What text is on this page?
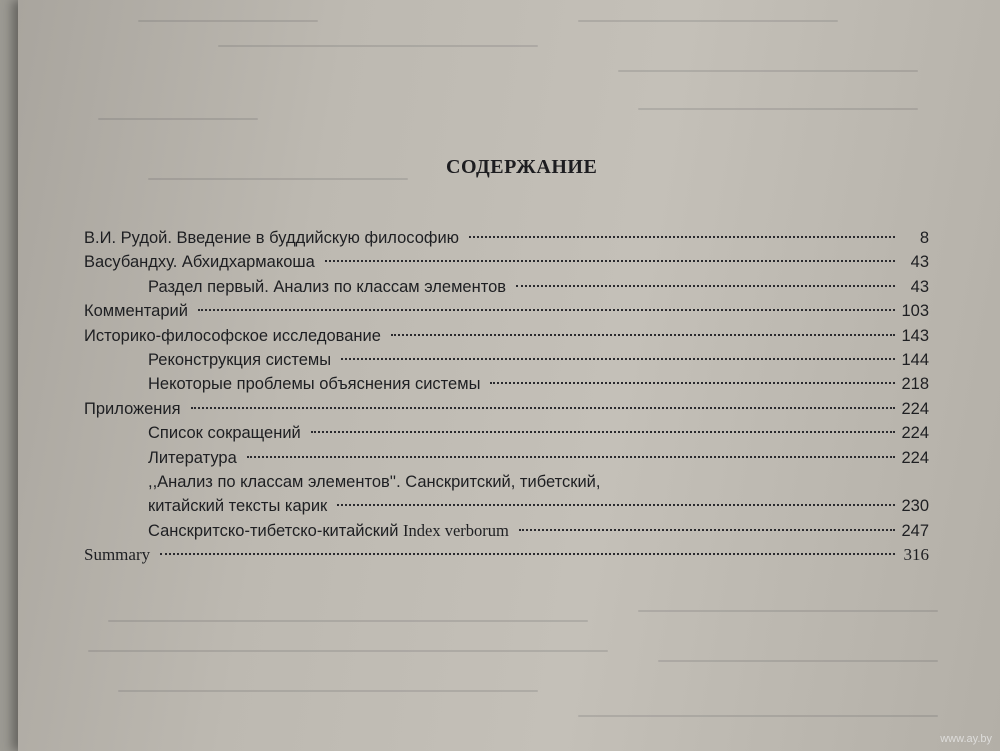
СОДЕРЖАНИЕ
В.И. Рудой. Введение в буддийскую философию	8
Васубандху. Абхидхармакоша	43
Раздел первый. Анализ по классам элементов	43
Комментарий	103
Историко-философское исследование	143
Реконструкция системы	144
Некоторые проблемы объяснения системы	218
Приложения	224
Список сокращений	224
Литература	224
,,Анализ по классам элементов''. Санскритский, тибетский,
китайский тексты карик	230
Санскритско-тибетско-китайский Index verborum	247
Summary	316
www.ay.by
